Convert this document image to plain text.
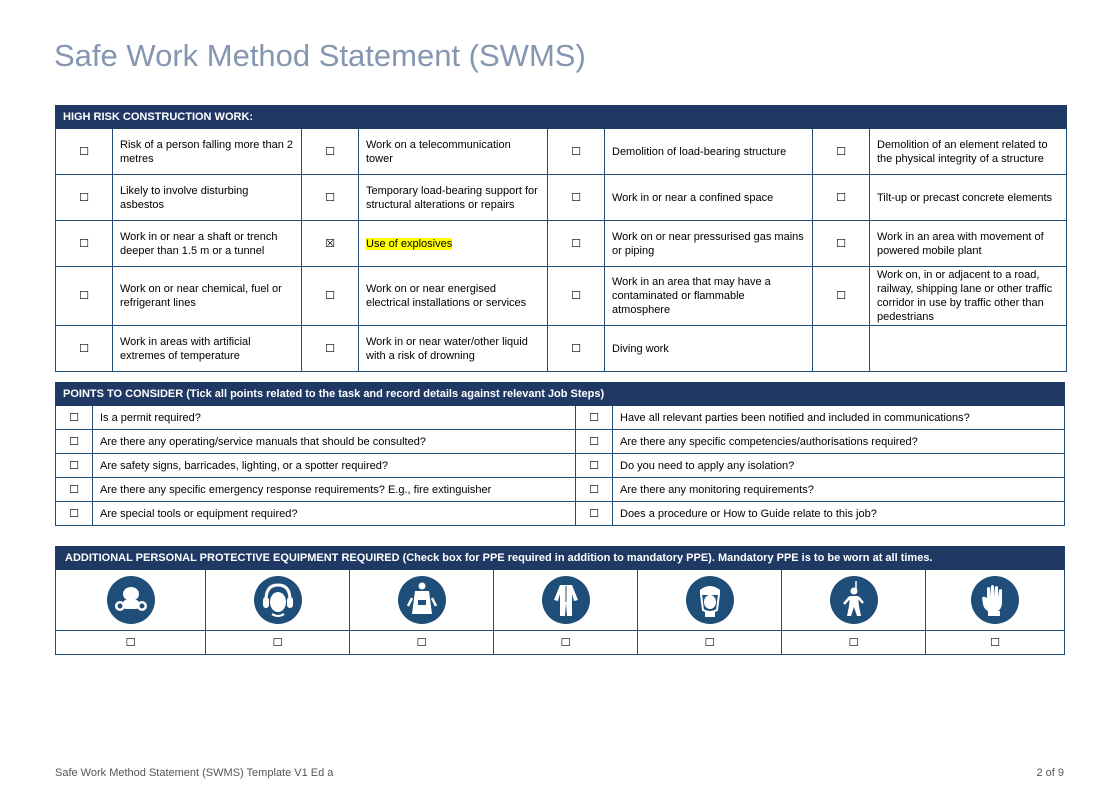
Safe Work Method Statement (SWMS)
HIGH RISK CONSTRUCTION WORK:							
☐	Risk of a person falling more than 2 metres	☐	Work on a telecommunication tower	☐	Demolition of load-bearing structure	☐	Demolition of an element related to the physical integrity of a structure
☐	Likely to involve disturbing asbestos	☐	Temporary load-bearing support for structural alterations or repairs	☐	Work in or near a confined space	☐	Tilt-up or precast concrete elements
☐	Work in or near a shaft or trench deeper than 1.5 m or a tunnel	☒	Use of explosives	☐	Work on or near pressurised gas mains or piping	☐	Work in an area with movement of powered mobile plant
☐	Work on or near chemical, fuel or refrigerant lines	☐	Work on or near energised electrical installations or services	☐	Work in an area that may have a contaminated or flammable atmosphere	☐	Work on, in or adjacent to a road, railway, shipping lane or other traffic corridor in use by traffic other than pedestrians
☐	Work in areas with artificial extremes of temperature	☐	Work in or near water/other liquid with a risk of drowning	☐	Diving work		
POINTS TO CONSIDER (Tick all points related to the task and record details against relevant Job Steps)			
☐	Is a permit required?	☐	Have all relevant parties been notified and included in communications?
☐	Are there any operating/service manuals that should be consulted?	☐	Are there any specific competencies/authorisations required?
☐	Are safety signs, barricades, lighting, or a spotter required?	☐	Do you need to apply any isolation?
☐	Are there any specific emergency response requirements? E.g., fire extinguisher	☐	Are there any monitoring requirements?
☐	Are special tools or equipment required?	☐	Does a procedure or How to Guide relate to this job?
ADDITIONAL PERSONAL PROTECTIVE EQUIPMENT REQUIRED (Check box for PPE required in addition to mandatory PPE). Mandatory PPE is to be worn at all times.						

☐	☐	☐	☐	☐	☐	☐
Safe Work Method Statement (SWMS) Template V1 Ed a	2 of 9
